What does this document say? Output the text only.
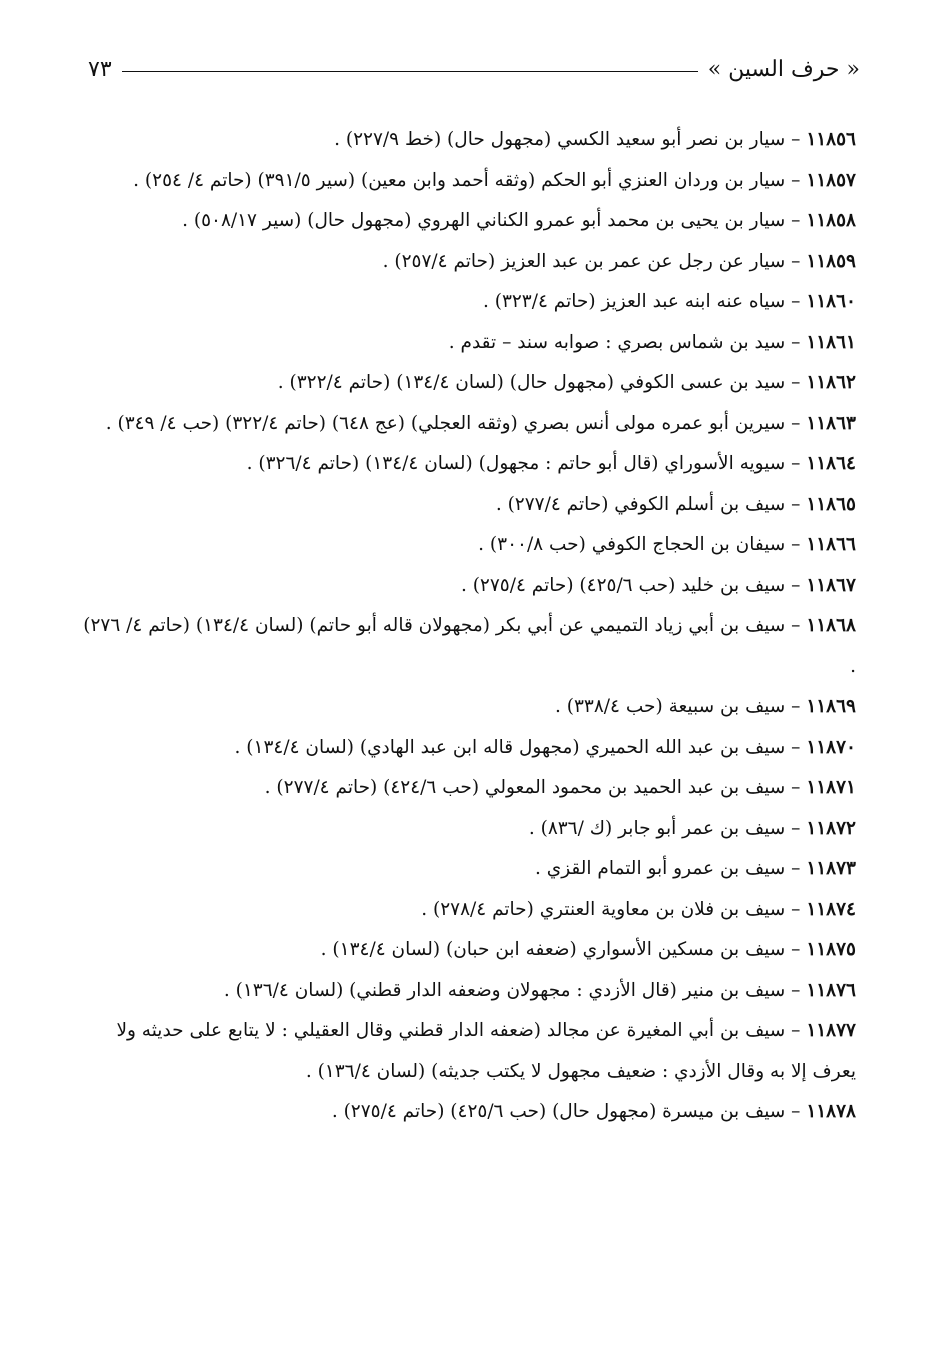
« حرف السين »
٧٣

١١٨٥٦ – سيار بن نصر أبو سعيد الكسي (مجهول حال) (خط ٢٢٧/٩) .

١١٨٥٧ – سيار بن وردان العنزي أبو الحكم (وثقه أحمد وابن معين) (سير ٣٩١/٥) (حاتم ٤/ ٢٥٤) .

١١٨٥٨ – سيار بن يحيى بن محمد أبو عمرو الكناني الهروي (مجهول حال) (سير ٥٠٨/١٧) .

١١٨٥٩ – سيار عن رجل عن عمر بن عبد العزيز (حاتم ٢٥٧/٤) .

١١٨٦٠ – سياه عنه ابنه عبد العزيز (حاتم ٣٢٣/٤) .

١١٨٦١ – سيد بن شماس بصري : صوابه سند – تقدم .

١١٨٦٢ – سيد بن عسى الكوفي (مجهول حال) (لسان ١٣٤/٤) (حاتم ٣٢٢/٤) .

١١٨٦٣ – سيرين أبو عمره مولى أنس بصري (وثقه العجلي) (عج ٦٤٨) (حاتم ٣٢٢/٤) (حب ٤/ ٣٤٩) .

١١٨٦٤ – سيويه الأسوراي (قال أبو حاتم : مجهول) (لسان ١٣٤/٤) (حاتم ٣٢٦/٤) .

١١٨٦٥ – سيف بن أسلم الكوفي (حاتم ٢٧٧/٤) .

١١٨٦٦ – سيفان بن الحجاج الكوفي (حب ٣٠٠/٨) .

١١٨٦٧ – سيف بن خليد (حب ٤٢٥/٦) (حاتم ٢٧٥/٤) .

١١٨٦٨ – سيف بن أبي زياد التميمي عن أبي بكر (مجهولان قاله أبو حاتم) (لسان ١٣٤/٤) (حاتم ٤/ ٢٧٦) .

١١٨٦٩ – سيف بن سبيعة (حب ٣٣٨/٤) .

١١٨٧٠ – سيف بن عبد الله الحميري (مجهول قاله ابن عبد الهادي) (لسان ١٣٤/٤) .

١١٨٧١ – سيف بن عبد الحميد بن محمود المعولي (حب ٤٢٤/٦) (حاتم ٢٧٧/٤) .

١١٨٧٢ – سيف بن عمر أبو جابر (ك /٨٣٦) .

١١٨٧٣ – سيف بن عمرو أبو التمام القزي .

١١٨٧٤ – سيف بن فلان بن معاوية العنتري (حاتم ٢٧٨/٤) .

١١٨٧٥ – سيف بن مسكين الأسواري (ضعفه ابن حبان) (لسان ١٣٤/٤) .

١١٨٧٦ – سيف بن منير (قال الأزدي : مجهولان وضعفه الدار قطني) (لسان ١٣٦/٤) .

١١٨٧٧ – سيف بن أبي المغيرة عن مجالد (ضعفه الدار قطني وقال العقيلي : لا يتابع على حديثه ولا يعرف إلا به وقال الأزدي : ضعيف مجهول لا يكتب جديثه) (لسان ١٣٦/٤) .

١١٨٧٨ – سيف بن ميسرة (مجهول حال) (حب ٤٢٥/٦) (حاتم ٢٧٥/٤) .
